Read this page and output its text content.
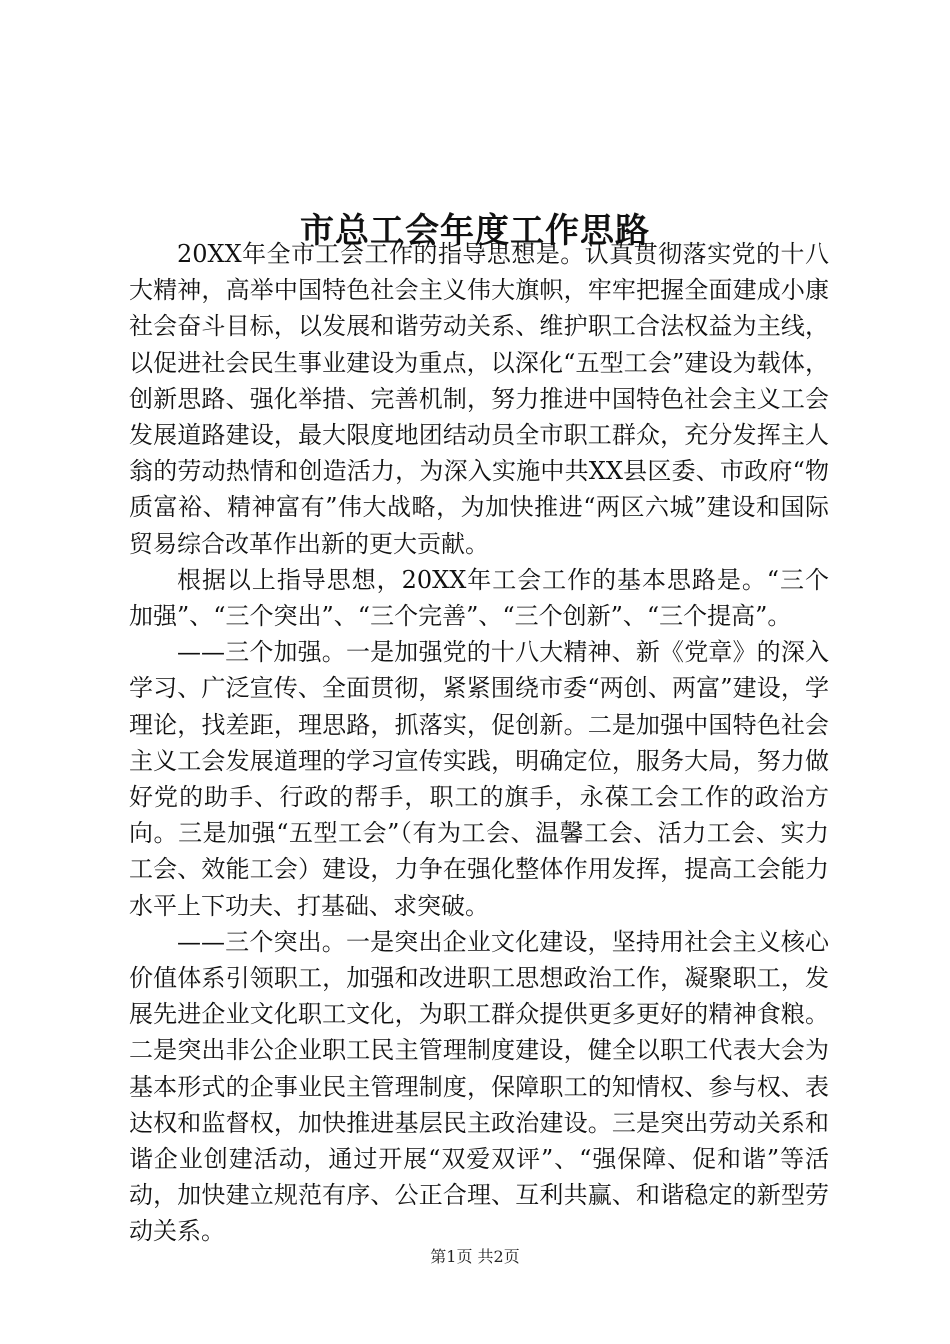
市总工会年度工作思路

20XX年全市工会工作的指导思想是。认真贯彻落实党的十八大精神，高举中国特色社会主义伟大旗帜，牢牢把握全面建成小康社会奋斗目标，以发展和谐劳动关系、维护职工合法权益为主线，以促进社会民生事业建设为重点，以深化“五型工会”建设为载体，创新思路、强化举措、完善机制，努力推进中国特色社会主义工会发展道路建设，最大限度地团结动员全市职工群众，充分发挥主人翁的劳动热情和创造活力，为深入实施中共XX县区委、市政府“物质富裕、精神富有”伟大战略，为加快推进“两区六城”建设和国际贸易综合改革作出新的更大贡献。

根据以上指导思想，20XX年工会工作的基本思路是。“三个加强”、“三个突出”、“三个完善”、“三个创新”、“三个提高”。

——三个加强。一是加强党的十八大精神、新《党章》的深入学习、广泛宣传、全面贯彻，紧紧围绕市委“两创、两富”建设，学理论，找差距，理思路，抓落实，促创新。二是加强中国特色社会主义工会发展道理的学习宣传实践，明确定位，服务大局，努力做好党的助手、行政的帮手，职工的旗手，永葆工会工作的政治方向。三是加强“五型工会”（有为工会、温馨工会、活力工会、实力工会、效能工会）建设，力争在强化整体作用发挥，提高工会能力水平上下功夫、打基础、求突破。

——三个突出。一是突出企业文化建设，坚持用社会主义核心价值体系引领职工，加强和改进职工思想政治工作，凝聚职工，发展先进企业文化职工文化，为职工群众提供更多更好的精神食粮。二是突出非公企业职工民主管理制度建设，健全以职工代表大会为基本形式的企事业民主管理制度，保障职工的知情权、参与权、表达权和监督权，加快推进基层民主政治建设。三是突出劳动关系和谐企业创建活动，通过开展“双爱双评”、“强保障、促和谐”等活动，加快建立规范有序、公正合理、互利共赢、和谐稳定的新型劳动关系。

第1页 共2页
